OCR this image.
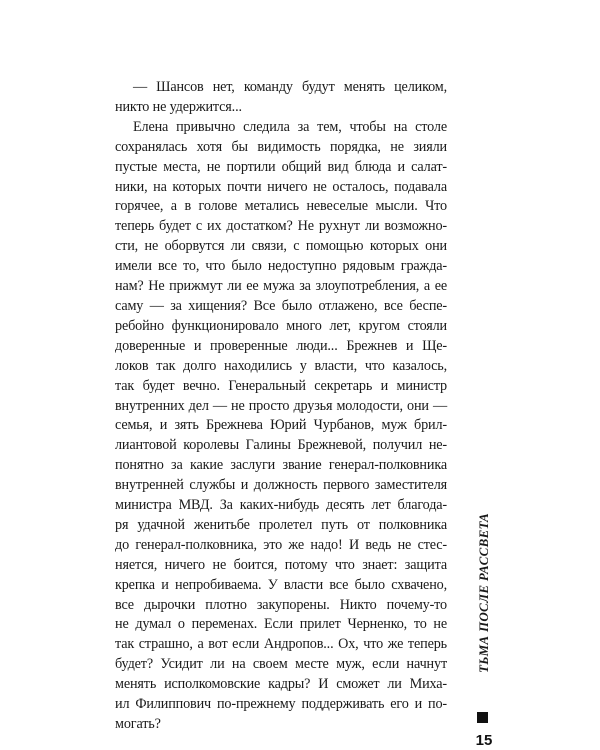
— Шансов нет, команду будут менять целиком,
никто не удержится...
Елена привычно следила за тем, чтобы на столе
сохранялась хотя бы видимость порядка, не зияли
пустые места, не портили общий вид блюда и салат-
ники, на которых почти ничего не осталось, подавала
горячее, а в голове метались невеселые мысли. Что
теперь будет с их достатком? Не рухнут ли возможно-
сти, не оборвутся ли связи, с помощью которых они
имели все то, что было недоступно рядовым гражда-
нам? Не прижмут ли ее мужа за злоупотребления, а ее
саму — за хищения? Все было отлажено, все беспе-
ребойно функционировало много лет, кругом стояли
доверенные и проверенные люди... Брежнев и Щe-
локов так долго находились у власти, что казалось,
так будет вечно. Генеральный секретарь и министр
внутренних дел — не просто друзья молодости, они —
семья, и зять Брежнева Юрий Чурбанов, муж брил-
лиантовой королевы Галины Брежневой, получил не-
понятно за какие заслуги звание генерал-полковника
внутренней службы и должность первого заместителя
министра МВД. За каких-нибудь десять лет благода-
ря удачной женитьбе пролетел путь от полковника
до генерал-полковника, это же надо! И ведь не стес-
няется, ничего не боится, потому что знает: защита
крепка и непробиваема. У власти все было схвачено,
все дырочки плотно закупорены. Никто почему-то
не думал о переменах. Если прилет Черненко, то не
так страшно, а вот если Андропов... Ох, что же теперь
будет? Усидит ли на своем месте муж, если начнут
менять исполкомовские кадры? И сможет ли Миха-
ил Филиппович по-прежнему поддерживать его и по-
могать?
ТЬМА ПОСЛЕ РАССВЕТА
15
